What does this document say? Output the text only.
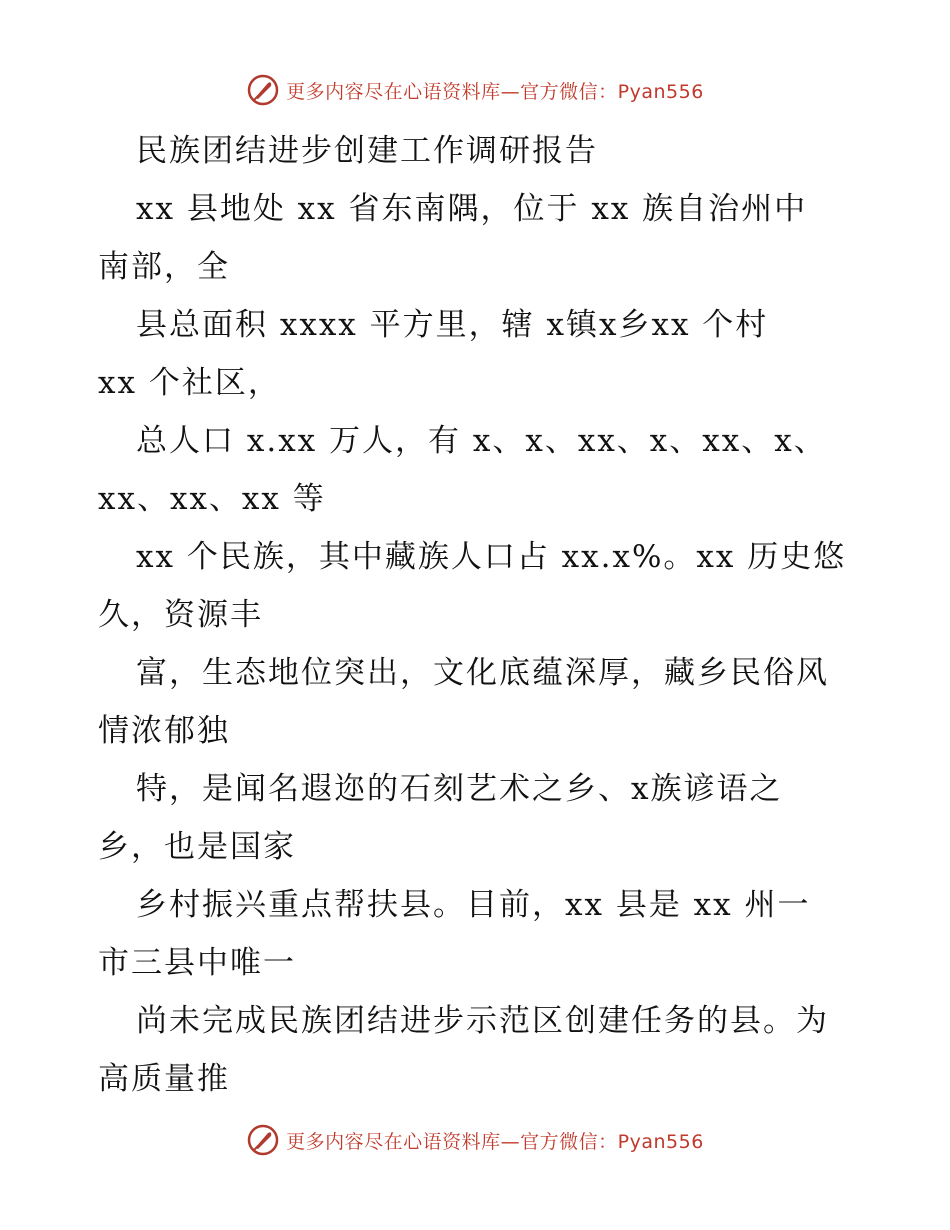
更多内容尽在心语资料库—官方微信：Pyan556
民族团结进步创建工作调研报告
xx 县地处 xx 省东南隅，位于 xx 族自治州中
南部，全
县总面积 xxxx 平方里，辖 x镇x乡xx 个村
xx 个社区，
总人口 x.xx 万人，有 x、x、xx、x、xx、x、
xx、xx、xx 等
xx 个民族，其中藏族人口占 xx.x%。xx 历史悠
久，资源丰
富，生态地位突出，文化底蕴深厚，藏乡民俗风
情浓郁独
特，是闻名遐迩的石刻艺术之乡、x族谚语之
乡，也是国家
乡村振兴重点帮扶县。目前，xx 县是 xx 州一
市三县中唯一
尚未完成民族团结进步示范区创建任务的县。为
高质量推
更多内容尽在心语资料库—官方微信：Pyan556
